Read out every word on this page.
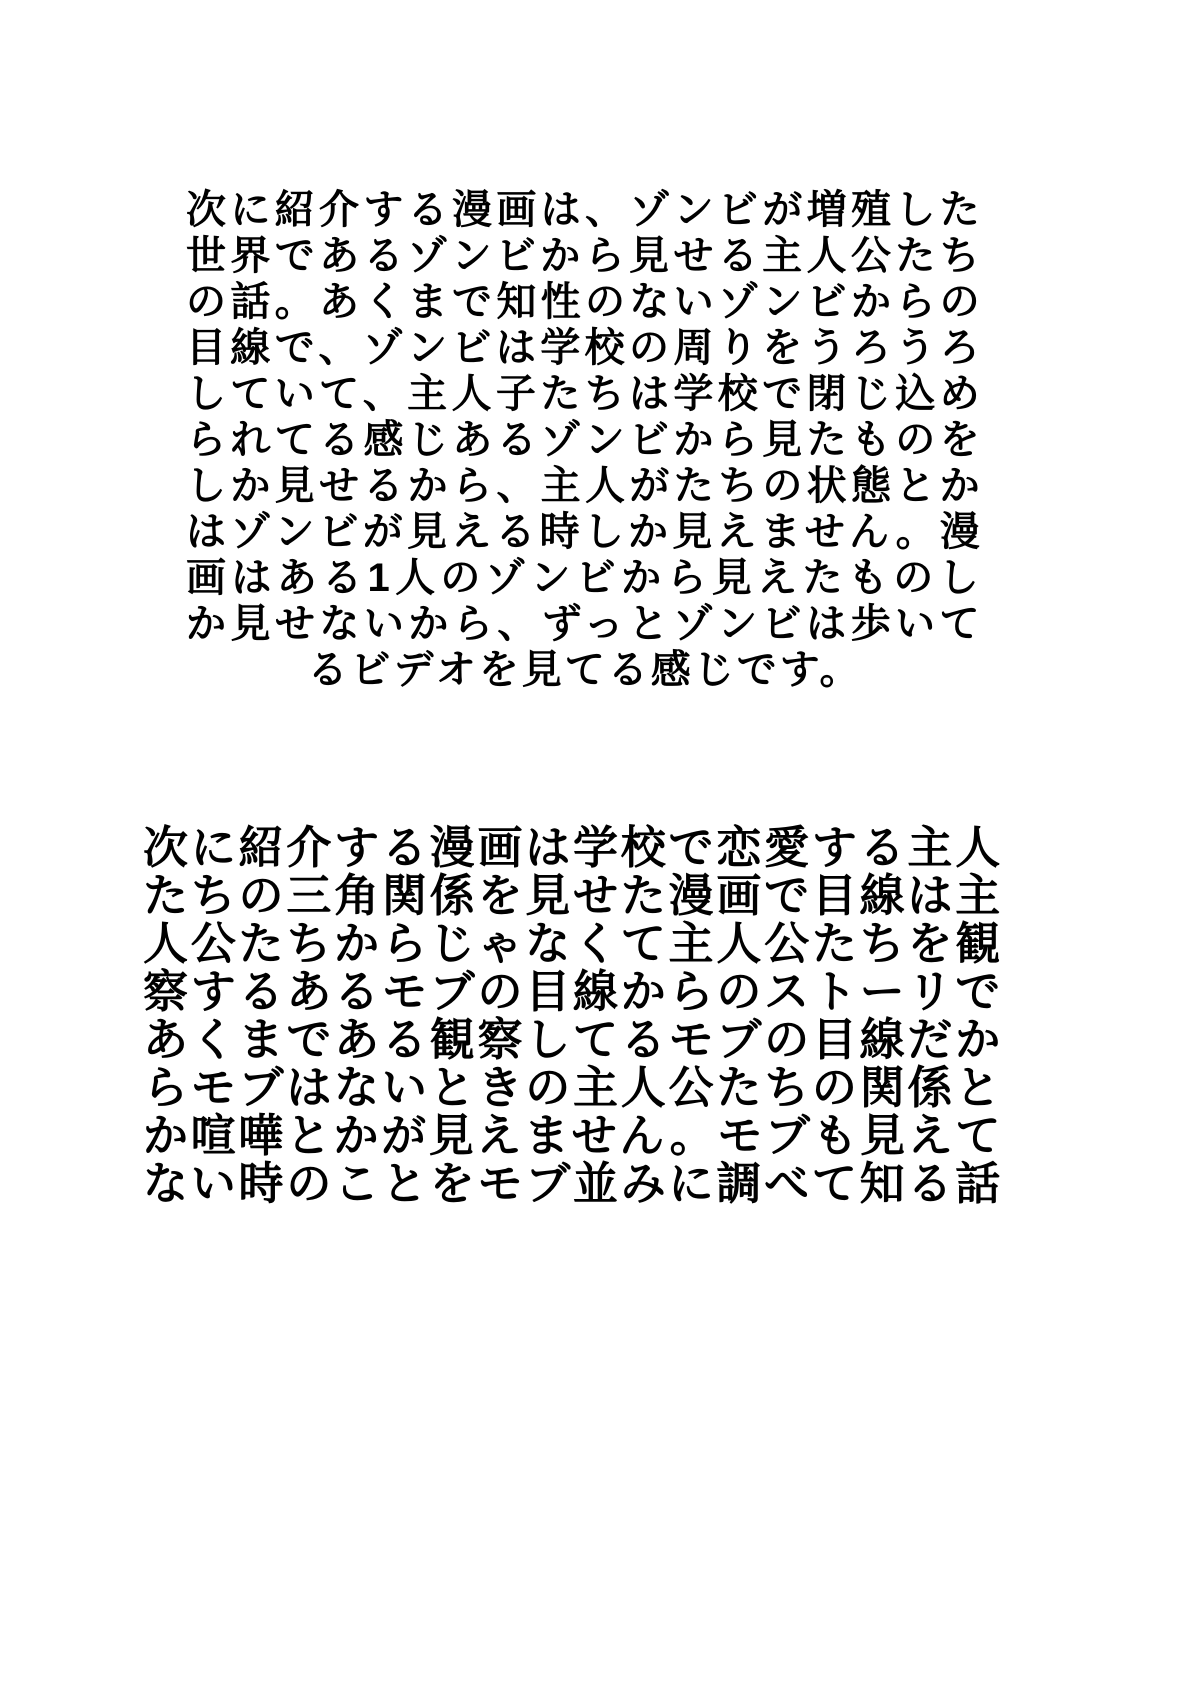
次に紹介する漫画は、ゾンビが増殖した
世界であるゾンビから見せる主人公たち
の話。あくまで知性のないゾンビからの
目線で、ゾンビは学校の周りをうろうろ
していて、主人子たちは学校で閉じ込め
られてる感じあるゾンビから見たものを
しか見せるから、主人がたちの状態とか
はゾンビが見える時しか見えません。漫
画はある1人のゾンビから見えたものし
か見せないから、ずっとゾンビは歩いて
るビデオを見てる感じです。
次に紹介する漫画は学校で恋愛する主人
たちの三角関係を見せた漫画で目線は主
人公たちからじゃなくて主人公たちを観
察するあるモブの目線からのストーリで
あくまである観察してるモブの目線だか
らモブはないときの主人公たちの関係と
か喧嘩とかが見えません。モブも見えて
ない時のことをモブ並みに調べて知る話
